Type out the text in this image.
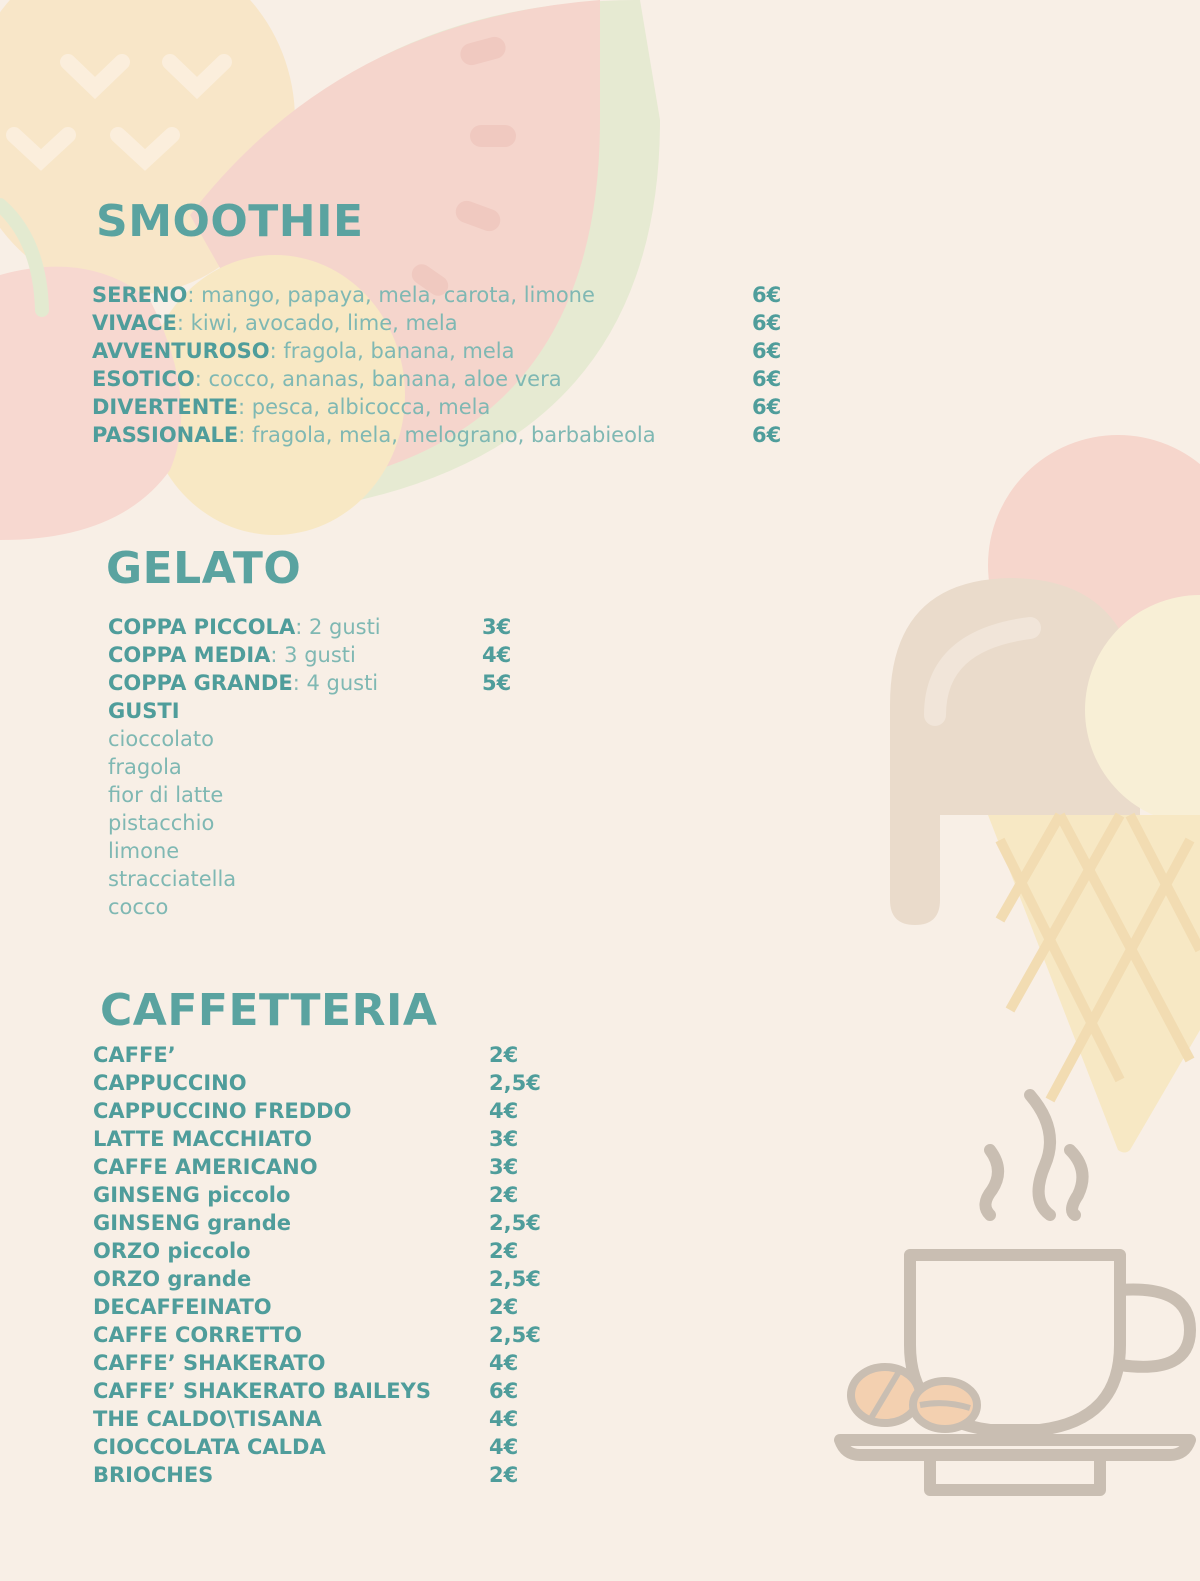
SMOOTHIE
SERENO: mango, papaya, mela, carota, limone	6€
VIVACE: kiwi, avocado, lime, mela	6€
AVVENTUROSO: fragola, banana, mela	6€
ESOTICO: cocco, ananas, banana, aloe vera	6€
DIVERTENTE: pesca, albicocca, mela	6€
PASSIONALE: fragola, mela, melograno, barbabieola	6€
GELATO
COPPA PICCOLA: 2 gusti	3€
COPPA MEDIA: 3 gusti	4€
COPPA GRANDE: 4 gusti	5€
GUSTI
cioccolato
fragola
fior di latte
pistacchio
limone
stracciatella
cocco
CAFFETTERIA
CAFFE’	2€
CAPPUCCINO	2,5€
CAPPUCCINO FREDDO	4€
LATTE MACCHIATO	3€
CAFFE AMERICANO	3€
GINSENG piccolo	2€
GINSENG grande	2,5€
ORZO piccolo	2€
ORZO grande	2,5€
DECAFFEINATO	2€
CAFFE CORRETTO	2,5€
CAFFE’ SHAKERATO	4€
CAFFE’ SHAKERATO BAILEYS	6€
THE CALDO\TISANA	4€
CIOCCOLATA CALDA	4€
BRIOCHES	2€
